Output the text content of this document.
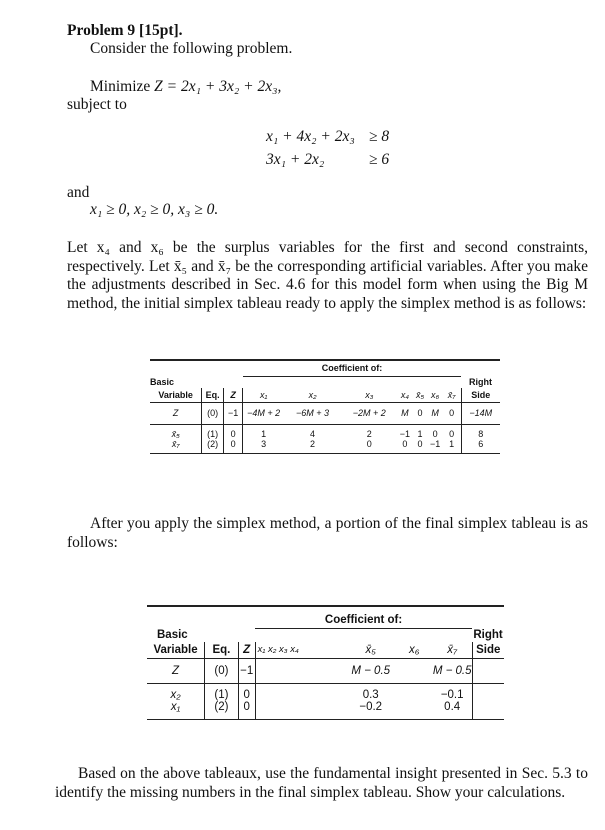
Problem 9 [15pt].
Consider the following problem.
Minimize Z = 2x₁ + 3x₂ + 2x₃,
subject to
x₁ + 4x₂ + 2x₃ ≥ 8
3x₁ + 2x₂	≥ 6
and
x₁ ≥ 0, x₂ ≥ 0, x₃ ≥ 0.
Let x₄ and x₆ be the surplus variables for the first and second constraints, respectively. Let x̄₅ and x̄₇ be the corresponding artificial variables. After you make the adjustments described in Sec. 4.6 for this model form when using the Big M method, the initial simplex tableau ready to apply the simplex method is as follows:
			Coefficient of:							
Basic										Right
Variable	Eq.	Z	x₁	x₂	x₃	x₄	x̄₅	x₆	x̄₇	Side
Z	(0)	−1	−4M + 2	−6M + 3	−2M + 2	M	0	M	0	−14M
x̄₅	(1)	0	1	4	2	−1	1	0	0	8
x̄₇	(2)	0	3	2	0	0	0	−1	1	6
After you apply the simplex method, a portion of the final simplex tableau is as follows:
			Coefficient of:				
Basic							Right
Variable	Eq.	Z	x₁ x₂ x₃ x₄	x̄₅	x₆	x̄₇	Side
Z	(0)	−1		M − 0.5		M − 0.5	
x₂	(1)	0		0.3		−0.1	
x₁	(2)	0		−0.2		0.4	
Based on the above tableaux, use the fundamental insight presented in Sec. 5.3 to identify the missing numbers in the final simplex tableau. Show your calculations.
